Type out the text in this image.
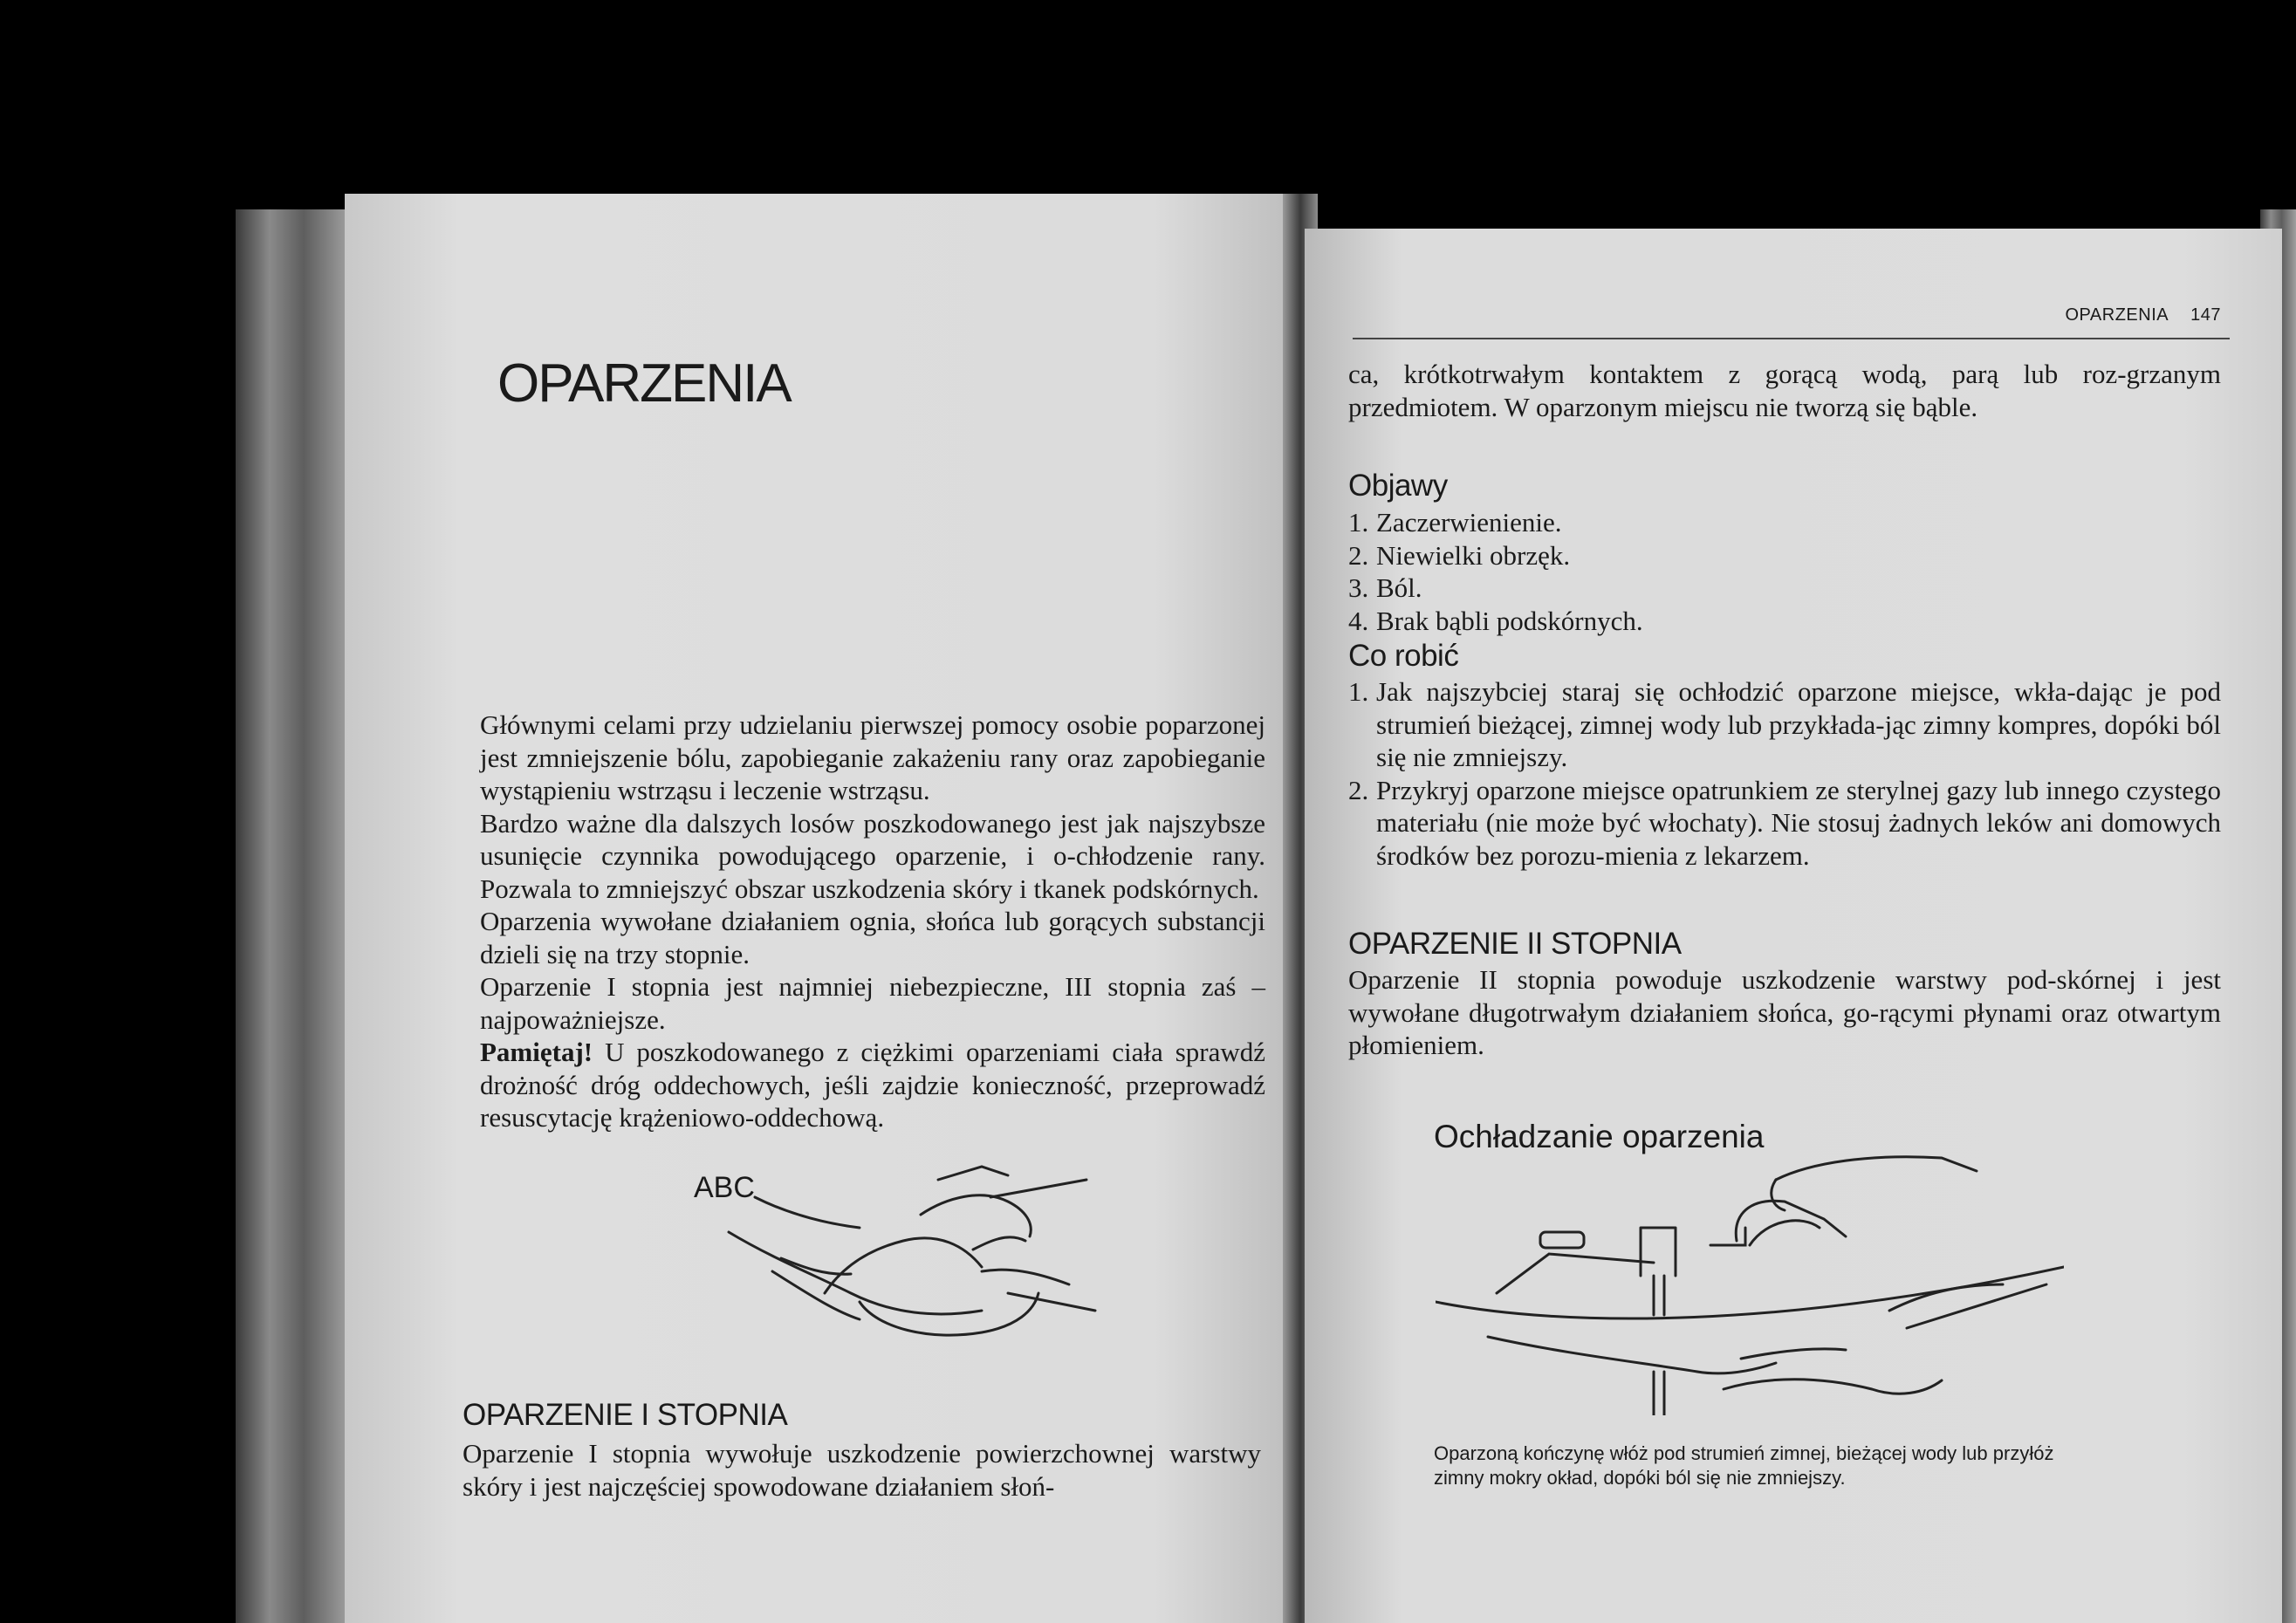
OPARZENIA

Głównymi celami przy udzielaniu pierwszej pomocy osobie poparzonej jest zmniejszenie bólu, zapobieganie zakażeniu rany oraz zapobieganie wystąpieniu wstrząsu i leczenie wstrząsu.

Bardzo ważne dla dalszych losów poszkodowanego jest jak najszybsze usunięcie czynnika powodującego oparzenie, i o-chłodzenie rany. Pozwala to zmniejszyć obszar uszkodzenia skóry i tkanek podskórnych.

Oparzenia wywołane działaniem ognia, słońca lub gorących substancji dzieli się na trzy stopnie.

Oparzenie I stopnia jest najmniej niebezpieczne, III stopnia zaś – najpoważniejsze.

Pamiętaj! U poszkodowanego z ciężkimi oparzeniami ciała sprawdź drożność dróg oddechowych, jeśli zajdzie konieczność, przeprowadź resuscytację krążeniowo-oddechową.

ABC
OPARZENIE I STOPNIA
Oparzenie I stopnia wywołuje uszkodzenie powierzchownej warstwy skóry i jest najczęściej spowodowane działaniem słoń-
OPARZENIA 147
ca, krótkotrwałym kontaktem z gorącą wodą, parą lub roz-grzanym przedmiotem. W oparzonym miejscu nie tworzą się bąble.
Objawy
1. Zaczerwienienie.
2. Niewielki obrzęk.
3. Ból.
4. Brak bąbli podskórnych.
Co robić
1. Jak najszybciej staraj się ochłodzić oparzone miejsce, wkła-dając je pod strumień bieżącej, zimnej wody lub przykłada-jąc zimny kompres, dopóki ból się nie zmniejszy.
2. Przykryj oparzone miejsce opatrunkiem ze sterylnej gazy lub innego czystego materiału (nie może być włochaty). Nie stosuj żadnych leków ani domowych środków bez porozu-mienia z lekarzem.
OPARZENIE II STOPNIA
Oparzenie II stopnia powoduje uszkodzenie warstwy pod-skórnej i jest wywołane długotrwałym działaniem słońca, go-rącymi płynami oraz otwartym płomieniem.
Ochładzanie oparzenia
Oparzoną kończynę włóż pod strumień zimnej, bieżącej wody lub przyłóż zimny mokry okład, dopóki ból się nie zmniejszy.
